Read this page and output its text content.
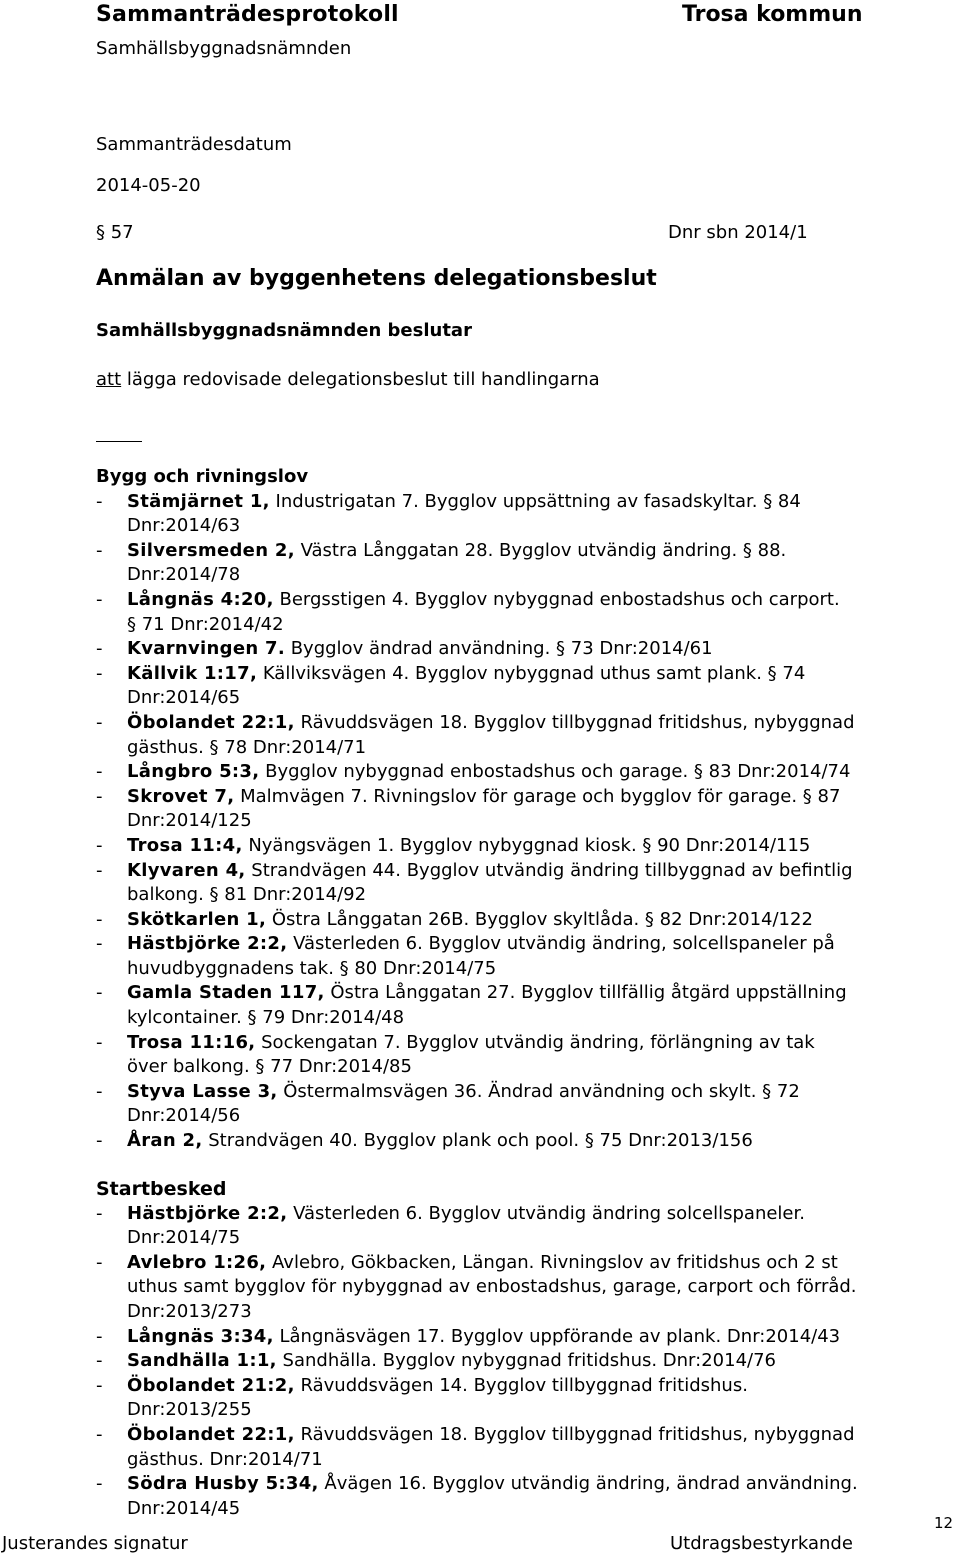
Sammanträdesprotokoll	Trosa kommun
Samhällsbyggnadsnämnden
Sammanträdesdatum
2014-05-20
§ 57	Dnr sbn 2014/1
Anmälan av byggenhetens delegationsbeslut
Samhällsbyggnadsnämnden beslutar
att lägga redovisade delegationsbeslut till handlingarna
Bygg och rivningslov
- Stämjärnet 1, Industrigatan 7. Bygglov uppsättning av fasadskyltar. § 84
Dnr:2014/63
- Silversmeden 2, Västra Långgatan 28. Bygglov utvändig ändring. § 88.
Dnr:2014/78
- Långnäs 4:20, Bergsstigen 4. Bygglov nybyggnad enbostadshus och carport.
§ 71 Dnr:2014/42
- Kvarnvingen 7. Bygglov ändrad användning. § 73 Dnr:2014/61
- Källvik 1:17, Källviksvägen 4. Bygglov nybyggnad uthus samt plank. § 74
Dnr:2014/65
- Öbolandet 22:1, Rävuddsvägen 18. Bygglov tillbyggnad fritidshus, nybyggnad
gästhus. § 78 Dnr:2014/71
- Långbro 5:3, Bygglov nybyggnad enbostadshus och garage. § 83 Dnr:2014/74
- Skrovet 7, Malmvägen 7. Rivningslov för garage och bygglov för garage. § 87
Dnr:2014/125
- Trosa 11:4, Nyängsvägen 1. Bygglov nybyggnad kiosk. § 90 Dnr:2014/115
- Klyvaren 4, Strandvägen 44. Bygglov utvändig ändring tillbyggnad av befintlig
balkong. § 81 Dnr:2014/92
- Skötkarlen 1, Östra Långgatan 26B. Bygglov skyltlåda. § 82 Dnr:2014/122
- Hästbjörke 2:2, Västerleden 6. Bygglov utvändig ändring, solcellspaneler på
huvudbyggnadens tak. § 80 Dnr:2014/75
- Gamla Staden 117, Östra Långgatan 27. Bygglov tillfällig åtgärd uppställning
kylcontainer. § 79 Dnr:2014/48
- Trosa 11:16, Sockengatan 7. Bygglov utvändig ändring, förlängning av tak
över balkong. § 77 Dnr:2014/85
- Styva Lasse 3, Östermalmsvägen 36. Ändrad användning och skylt. § 72
Dnr:2014/56
- Åran 2, Strandvägen 40. Bygglov plank och pool. § 75 Dnr:2013/156
Startbesked
- Hästbjörke 2:2, Västerleden 6. Bygglov utvändig ändring solcellspaneler.
Dnr:2014/75
- Avlebro 1:26, Avlebro, Gökbacken, Längan. Rivningslov av fritidshus och 2 st
uthus samt bygglov för nybyggnad av enbostadshus, garage, carport och förråd.
Dnr:2013/273
- Långnäs 3:34, Långnäsvägen 17. Bygglov uppförande av plank. Dnr:2014/43
- Sandhälla 1:1, Sandhälla. Bygglov nybyggnad fritidshus. Dnr:2014/76
- Öbolandet 21:2, Rävuddsvägen 14. Bygglov tillbyggnad fritidshus.
Dnr:2013/255
- Öbolandet 22:1, Rävuddsvägen 18. Bygglov tillbyggnad fritidshus, nybyggnad
gästhus. Dnr:2014/71
- Södra Husby 5:34, Åvägen 16. Bygglov utvändig ändring, ändrad användning.
Dnr:2014/45
Justerandes signatur	Utdragsbestyrkande
12
